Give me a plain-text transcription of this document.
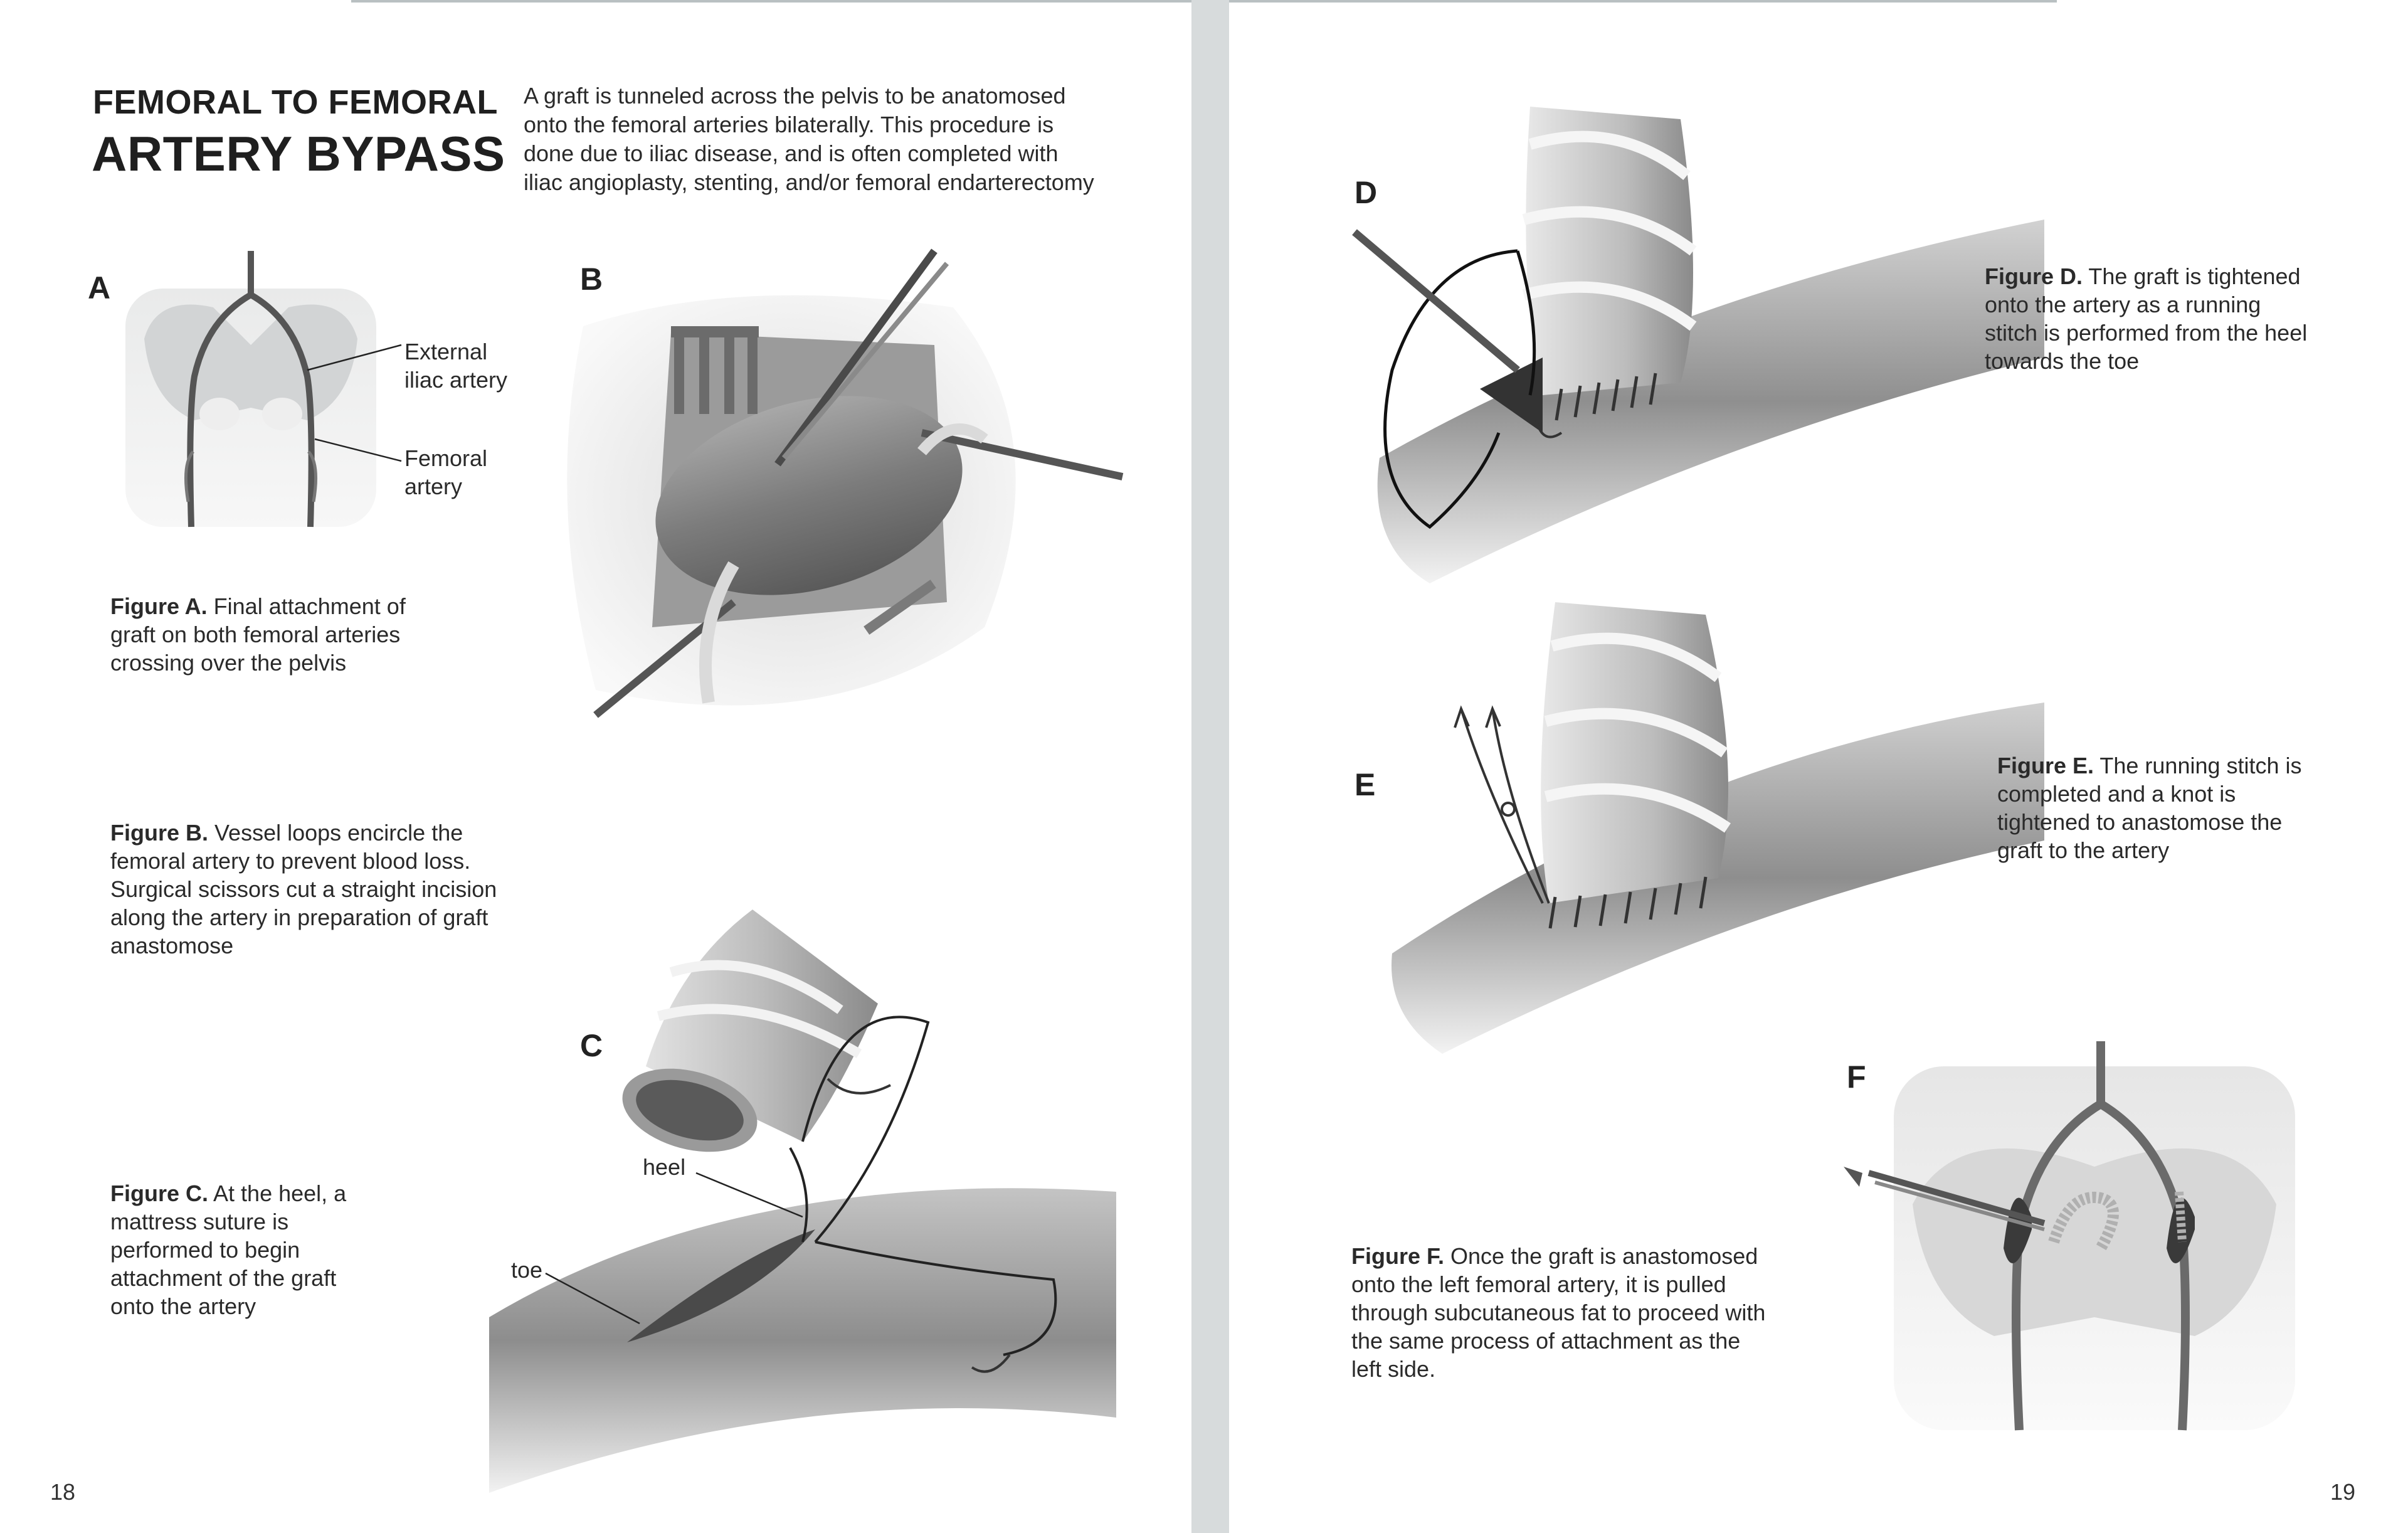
FEMORAL TO FEMORAL
ARTERY BYPASS
A graft is tunneled across the pelvis to be anatomosed
onto the femoral arteries bilaterally. This procedure is
done due to iliac disease, and is often completed with
iliac angioplasty, stenting, and/or femoral endarterectomy
A
External
iliac artery
Femoral
artery
Figure A. Final attachment of
graft on both femoral arteries
crossing over the pelvis
B
Figure B. Vessel loops encircle the
femoral artery to prevent blood loss.
Surgical scissors cut a straight incision
along the artery in preparation of graft
anastomose
C
heel
toe
Figure C. At the heel, a
mattress suture is
performed to begin
attachment of the graft
onto the artery
18
D
Figure D. The graft is tightened
onto the artery as a running
stitch is performed from the heel
towards the toe
E
Figure E. The running stitch is
completed and a knot is
tightened to anastomose the
graft to the artery
F
Figure F. Once the graft is anastomosed
onto the left femoral artery, it is pulled
through subcutaneous fat to proceed with
the same process of attachment as the
left side.
19
